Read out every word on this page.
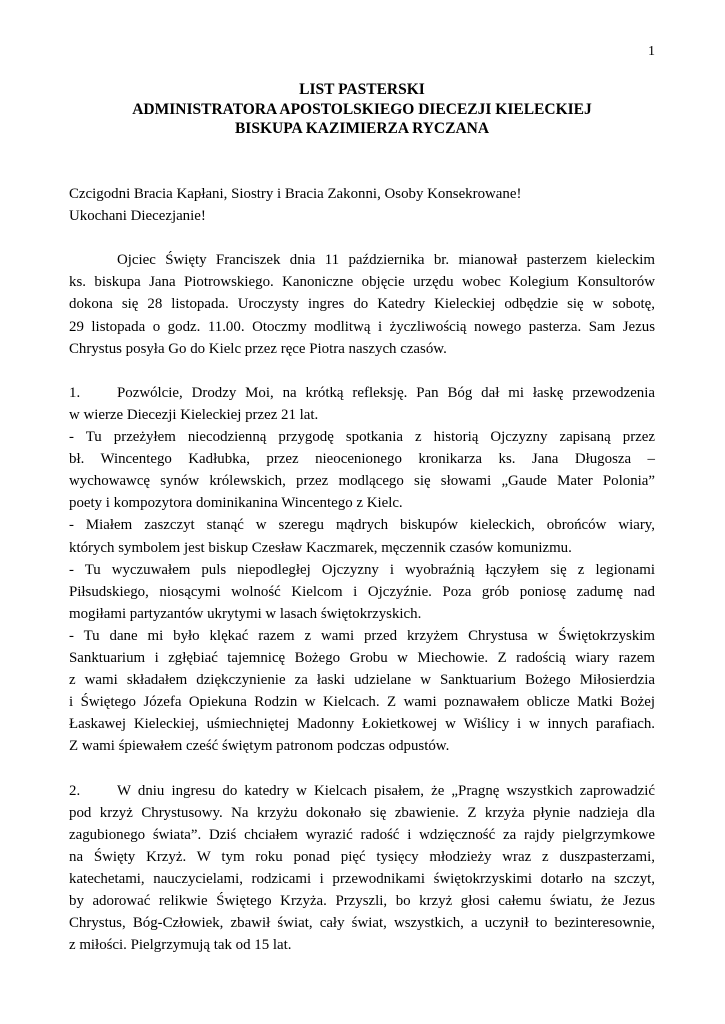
1
LIST PASTERSKI
ADMINISTRATORA APOSTOLSKIEGO DIECEZJI KIELECKIEJ
BISKUPA KAZIMIERZA RYCZANA
Czcigodni Bracia Kapłani, Siostry i Bracia Zakonni, Osoby Konsekrowane!
Ukochani Diecezjanie!
Ojciec Święty Franciszek dnia 11 października br. mianował pasterzem kieleckim
ks. biskupa Jana Piotrowskiego. Kanoniczne objęcie urzędu wobec Kolegium Konsultorów
dokona się 28 listopada. Uroczysty ingres do Katedry Kieleckiej odbędzie się w sobotę,
29 listopada o godz. 11.00. Otoczmy modlitwą i życzliwością nowego pasterza. Sam Jezus
Chrystus posyła Go do Kielc przez ręce Piotra naszych czasów.
1. Pozwólcie, Drodzy Moi, na krótką refleksję. Pan Bóg dał mi łaskę przewodzenia
w wierze Diecezji Kieleckiej przez 21 lat.
- Tu przeżyłem niecodzienną przygodę spotkania z historią Ojczyzny zapisaną przez
bł. Wincentego Kadłubka, przez nieocenionego kronikarza ks. Jana Długosza –
wychowawcę synów królewskich, przez modlącego się słowami „Gaude Mater Polonia”
poety i kompozytora dominikanina Wincentego z Kielc.
- Miałem zaszczyt stanąć w szeregu mądrych biskupów kieleckich, obrońców wiary,
których symbolem jest biskup Czesław Kaczmarek, męczennik czasów komunizmu.
- Tu wyczuwałem puls niepodległej Ojczyzny i wyobraźnią łączyłem się z legionami
Piłsudskiego, niosącymi wolność Kielcom i Ojczyźnie. Poza grób poniosę zadumę nad
mogiłami partyzantów ukrytymi w lasach świętokrzyskich.
- Tu dane mi było klękać razem z wami przed krzyżem Chrystusa w Świętokrzyskim
Sanktuarium i zgłębiać tajemnicę Bożego Grobu w Miechowie. Z radością wiary razem
z wami składałem dziękczynienie za łaski udzielane w Sanktuarium Bożego Miłosierdzia
i Świętego Józefa Opiekuna Rodzin w Kielcach. Z wami poznawałem oblicze Matki Bożej
Łaskawej Kieleckiej, uśmiechniętej Madonny Łokietkowej w Wiślicy i w innych parafiach.
Z wami śpiewałem cześć świętym patronom podczas odpustów.
2. W dniu ingresu do katedry w Kielcach pisałem, że „Pragnę wszystkich zaprowadzić
pod krzyż Chrystusowy. Na krzyżu dokonało się zbawienie. Z krzyża płynie nadzieja dla
zagubionego świata”. Dziś chciałem wyrazić radość i wdzięczność za rajdy pielgrzymkowe
na Święty Krzyż. W tym roku ponad pięć tysięcy młodzieży wraz z duszpasterzami,
katechetami, nauczycielami, rodzicami i przewodnikami świętokrzyskimi dotarło na szczyt,
by adorować relikwie Świętego Krzyża. Przyszli, bo krzyż głosi całemu światu, że Jezus
Chrystus, Bóg-Człowiek, zbawił świat, cały świat, wszystkich, a uczynił to bezinteresownie,
z miłości. Pielgrzymują tak od 15 lat.
